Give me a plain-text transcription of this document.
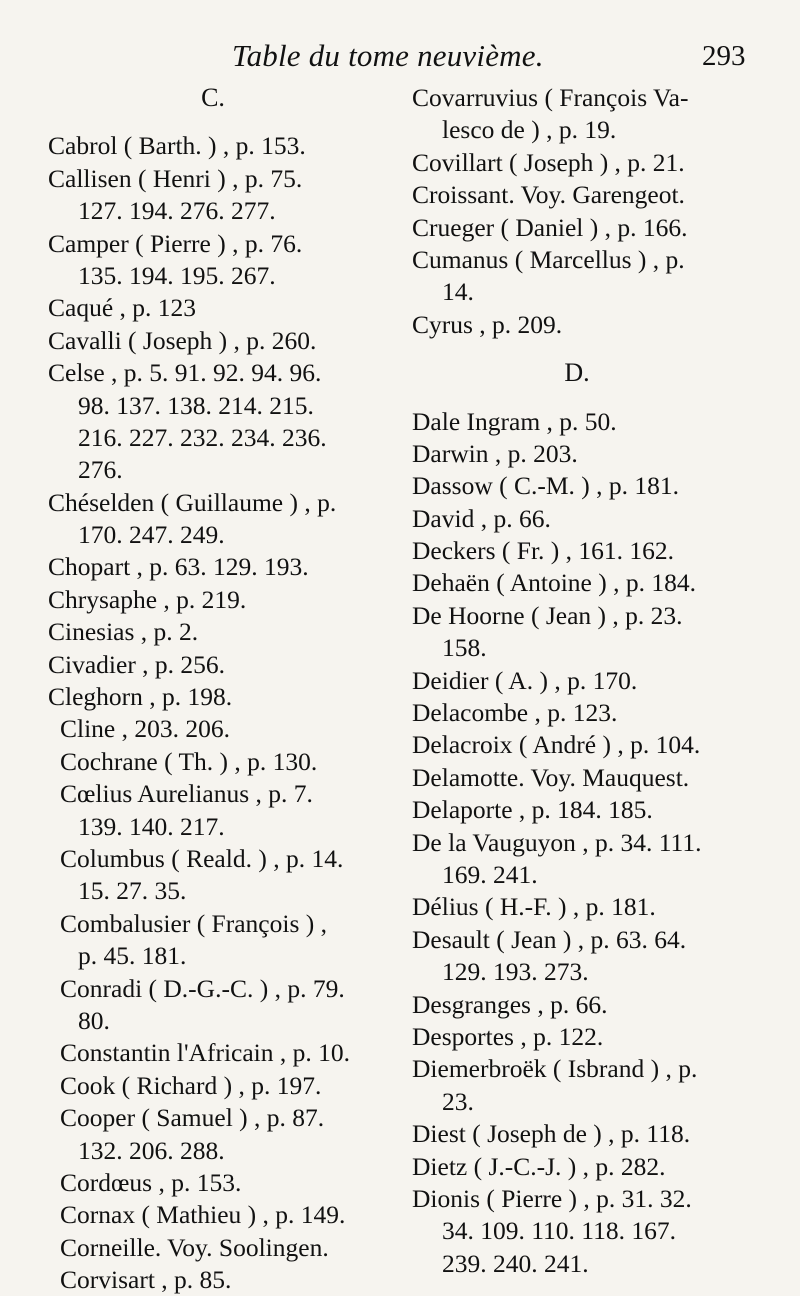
Table du tome neuvième.	293
C.
Cabrol ( Barth. ) , p. 153.
Callisen ( Henri ) , p. 75.
127. 194. 276. 277.
Camper ( Pierre ) , p. 76.
135. 194. 195. 267.
Caqué , p. 123
Cavalli ( Joseph ) , p. 260.
Celse , p. 5. 91. 92. 94. 96.
98. 137. 138. 214. 215.
216. 227. 232. 234. 236.
276.
Chéselden ( Guillaume ) , p.
170. 247. 249.
Chopart , p. 63. 129. 193.
Chrysaphe , p. 219.
Cinesias , p. 2.
Civadier , p. 256.
Cleghorn , p. 198.
Cline , 203. 206.
Cochrane ( Th. ) , p. 130.
Cœlius Aurelianus , p. 7.
139. 140. 217.
Columbus ( Reald. ) , p. 14.
15. 27. 35.
Combalusier ( François ) ,
p. 45. 181.
Conradi ( D.-G.-C. ) , p. 79.
80.
Constantin l'Africain , p. 10.
Cook ( Richard ) , p. 197.
Cooper ( Samuel ) , p. 87.
132. 206. 288.
Cordœus , p. 153.
Cornax ( Mathieu ) , p. 149.
Corneille. Voy. Soolingen.
Corvisart , p. 85.
Covarruvius ( François Va-
lesco de ) , p. 19.
Covillart ( Joseph ) , p. 21.
Croissant. Voy. Garengeot.
Crueger ( Daniel ) , p. 166.
Cumanus ( Marcellus ) , p.
14.
Cyrus , p. 209.
D.
Dale Ingram , p. 50.
Darwin , p. 203.
Dassow ( C.-M. ) , p. 181.
David , p. 66.
Deckers ( Fr. ) , 161. 162.
Dehaën ( Antoine ) , p. 184.
De Hoorne ( Jean ) , p. 23.
158.
Deidier ( A. ) , p. 170.
Delacombe , p. 123.
Delacroix ( André ) , p. 104.
Delamotte. Voy. Mauquest.
Delaporte , p. 184. 185.
De la Vauguyon , p. 34. 111.
169. 241.
Délius ( H.-F. ) , p. 181.
Desault ( Jean ) , p. 63. 64.
129. 193. 273.
Desgranges , p. 66.
Desportes , p. 122.
Diemerbroëk ( Isbrand ) , p.
23.
Diest ( Joseph de ) , p. 118.
Dietz ( J.-C.-J. ) , p. 282.
Dionis ( Pierre ) , p. 31. 32.
34. 109. 110. 118. 167.
239. 240. 241.
